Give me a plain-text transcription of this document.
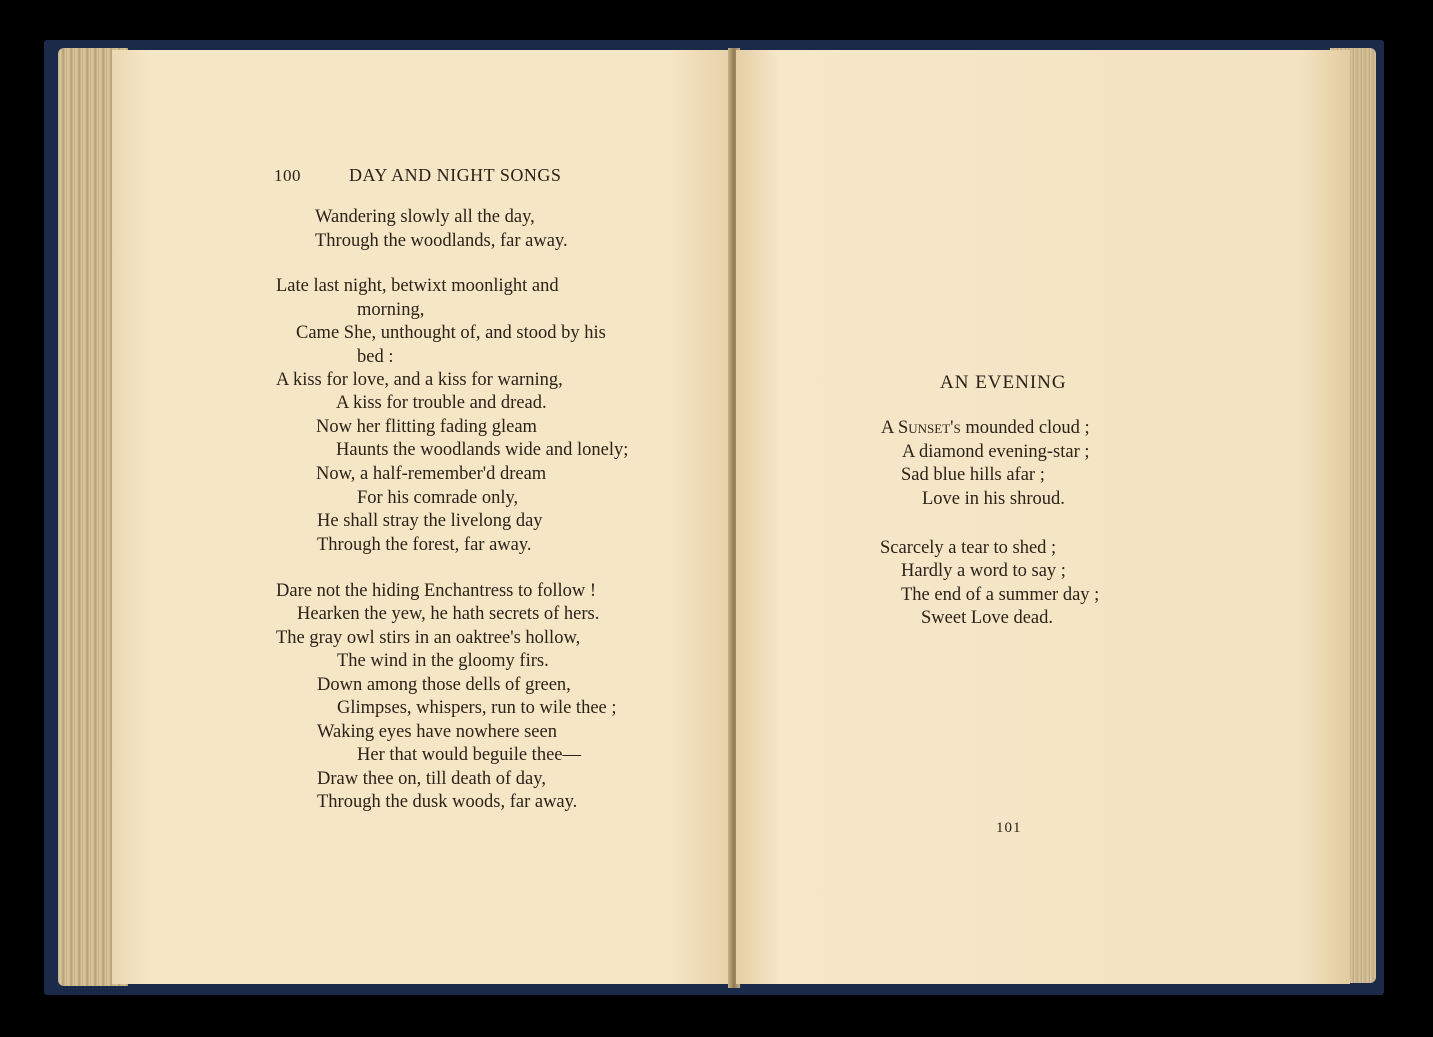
100	DAY AND NIGHT SONGS
Wandering slowly all the day,
Through the woodlands, far away.
Late last night, betwixt moonlight and
morning,
Came She, unthought of, and stood by his
bed :
A kiss for love, and a kiss for warning,
A kiss for trouble and dread.
Now her flitting fading gleam
Haunts the woodlands wide and lonely;
Now, a half-remember'd dream
For his comrade only,
He shall stray the livelong day
Through the forest, far away.
Dare not the hiding Enchantress to follow !
Hearken the yew, he hath secrets of hers.
The gray owl stirs in an oaktree's hollow,
The wind in the gloomy firs.
Down among those dells of green,
Glimpses, whispers, run to wile thee ;
Waking eyes have nowhere seen
Her that would beguile thee—
Draw thee on, till death of day,
Through the dusk woods, far away.
AN EVENING
A Sunset's mounded cloud ;
A diamond evening-star ;
Sad blue hills afar ;
Love in his shroud.
Scarcely a tear to shed ;
Hardly a word to say ;
The end of a summer day ;
Sweet Love dead.
101
